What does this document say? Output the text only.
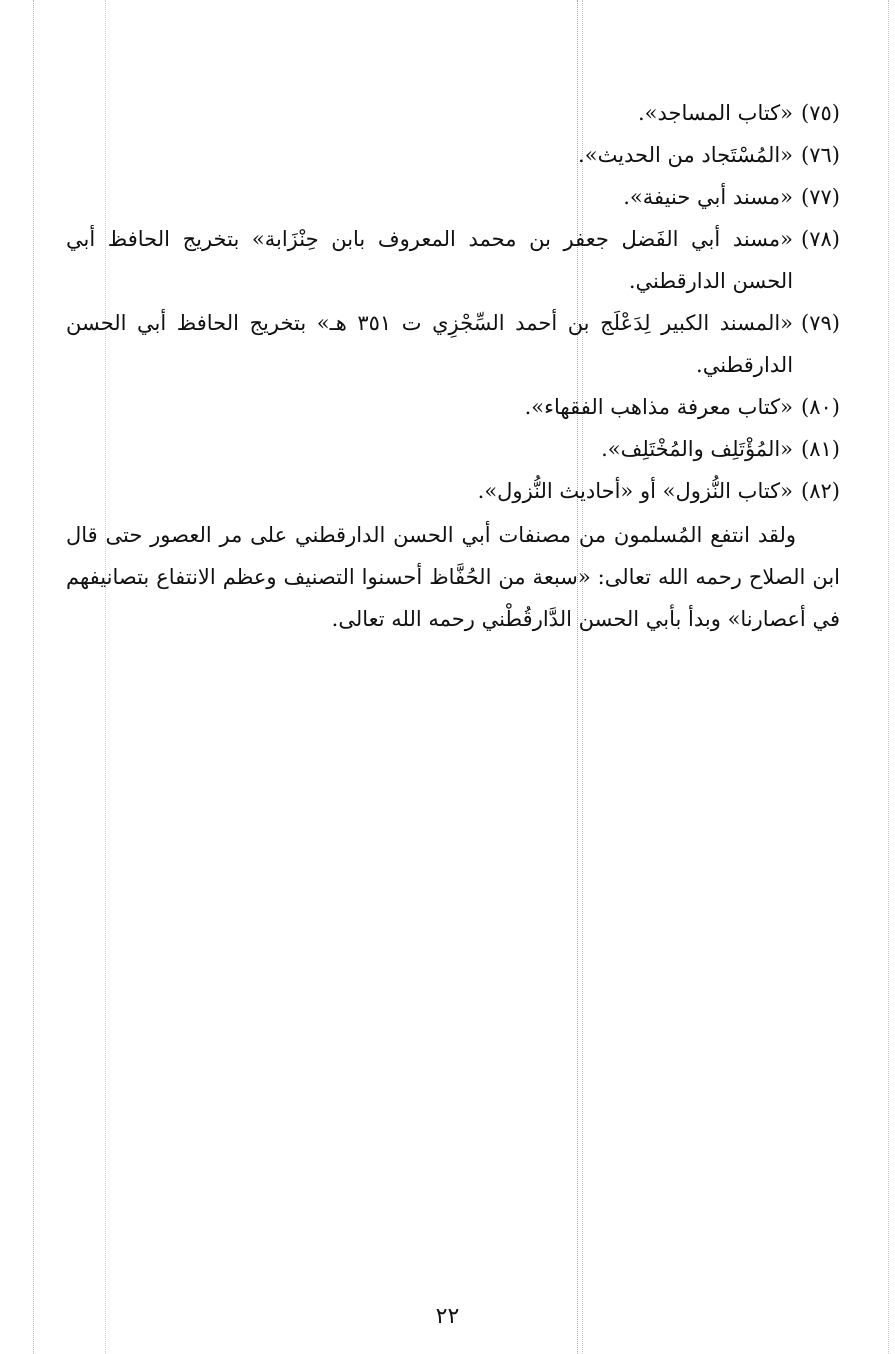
(٧٥)
«كتاب المساجد».
(٧٦)
«المُسْتَجاد من الحديث».
(٧٧)
«مسند أبي حنيفة».
(٧٨)
«مسند أبي الفَضل جعفر بن محمد المعروف بابن حِنْزَابة» بتخريج الحافظ أبي الحسن الدارقطني.
(٧٩)
«المسند الكبير لِدَعْلَج بن أحمد السِّجْزِي ت ٣٥١ هـ» بتخريج الحافظ أبي الحسن الدارقطني.
(٨٠)
«كتاب معرفة مذاهب الفقهاء».
(٨١)
«المُؤْتَلِف والمُخْتَلِف».
(٨٢)
«كتاب النُّزول» أو «أحاديث النُّزول».

ولقد انتفع المُسلمون من مصنفات أبي الحسن الدارقطني على مر العصور حتى قال ابن الصلاح رحمه الله تعالى: «سبعة من الحُفَّاظ أحسنوا التصنيف وعظم الانتفاع بتصانيفهم في أعصارنا» وبدأ بأبي الحسن الدَّارقُطْني رحمه الله تعالى.

٢٢
